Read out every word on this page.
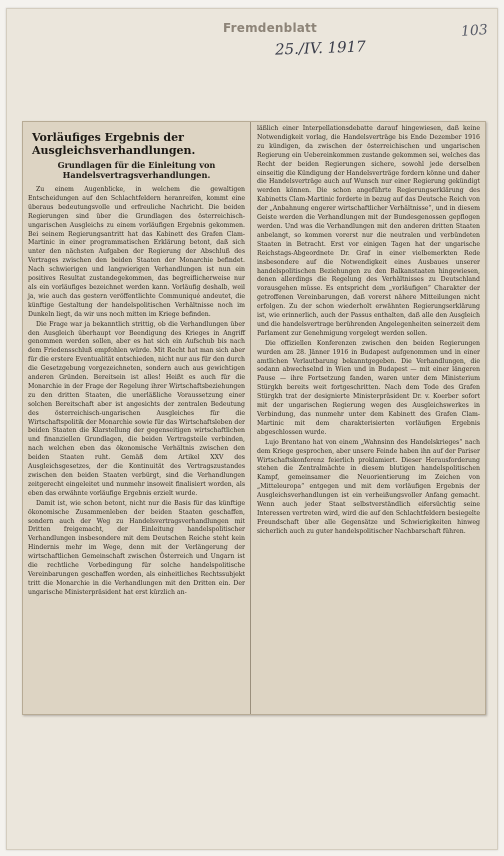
Fremdenblatt
25./IV. 1917
103
Vorläufiges Ergebnis der Ausgleichsverhandlungen.
Grundlagen für die Einleitung von Handelsvertragsverhandlungen.

Zu einem Augenblicke, in welchem die gewaltigen Entscheidungen auf den Schlachtfeldern heranreifen, kommt eine überaus bedeutungsvolle und erfreuliche Nachricht. Die beiden Regierungen sind über die Grundlagen des österreichisch-ungarischen Ausgleichs zu einem vorläufigen Ergebnis gekommen. Bei seinem Regierungsantritt hat das Kabinett des Grafen Clam-Martinic in einer programmatischen Erklärung betont, daß sich unter den nächsten Aufgaben der Regierung der Abschluß des Vertrages zwischen den beiden Staaten der Monarchie befindet. Nach schwierigen und langwierigen Verhandlungen ist nun ein positives Resultat zustandegekommen, das begreiflicherweise nur als ein vorläufiges bezeichnet werden kann. Vorläufig deshalb, weil ja, wie auch das gestern veröffentlichte Communiqué andeutet, die künftige Gestaltung der handelspolitischen Verhältnisse noch im Dunkeln liegt, da wir uns noch mitten im Kriege befinden.

Die Frage war ja bekanntlich strittig, ob die Verhandlungen über den Ausgleich überhaupt vor Beendigung des Krieges in Angriff genommen werden sollen, aber es hat sich ein Aufschub bis nach dem Friedensschluß empfohlen würde. Mit Recht hat man sich aber für die erstere Eventualität entschieden, nicht nur aus für den durch die Gesetzgebung vorgezeichneten, sondern auch aus gewichtigen anderen Gründen. Bereitsein ist alles! Heißt es auch für die Monarchie in der Frage der Regelung ihrer Wirtschaftsbeziehungen zu den dritten Staaten, die unerläßliche Voraussetzung einer solchen Bereitschaft aber ist angesichts der zentralen Bedeutung des österreichisch-ungarischen Ausgleiches für die Wirtschaftspolitik der Monarchie sowie für das Wirtschaftsleben der beiden Staaten die Klarstellung der gegenseitigen wirtschaftlichen und finanziellen Grundlagen, die beiden Vertragsteile verbinden, nach welchen eben das ökonomische Verhältnis zwischen den beiden Staaten ruht. Gemäß dem Artikel XXV des Ausgleichsgesetzes, der die Kontinuität des Vertragszustandes zwischen den beiden Staaten verbürgt, sind die Verhandlungen zeitgerecht eingeleitet und nunmehr insoweit finalisiert worden, als eben das erwähnte vorläufige Ergebnis erzielt wurde.

Damit ist, wie schon betont, nicht nur die Basis für das künftige ökonomische Zusammenleben der beiden Staaten geschaffen, sondern auch der Weg zu Handelsvertragsverhandlungen mit Dritten freigemacht, der Einleitung handelspolitischer Verhandlungen insbesondere mit dem Deutschen Reiche steht kein Hindernis mehr im Wege, denn mit der Verlängerung der wirtschaftlichen Gemeinschaft zwischen Österreich und Ungarn ist die rechtliche Vorbedingung für solche handelspolitische Vereinbarungen geschaffen worden, als einheitliches Rechtssubjekt tritt die Monarchie in die Verhandlungen mit den Dritten ein. Der ungarische Ministerpräsident hat erst kürzlich an-

läßlich einer Interpellationsdebatte darauf hingewiesen, daß keine Notwendigkeit vorlag, die Handelsverträge bis Ende Dezember 1916 zu kündigen, da zwischen der österreichischen und ungarischen Regierung ein Uebereinkommen zustande gekommen sei, welches das Recht der beiden Regierungen sichere, sowohl jede derselben einseitig die Kündigung der Handelsverträge fordern könne und daher die Handelsverträge auch auf Wunsch nur einer Regierung gekündigt werden können. Die schon angeführte Regierungserklärung des Kabinetts Clam-Martinic forderte in bezug auf das Deutsche Reich von der „Anbahnung engerer wirtschaftlicher Verhältnisse“, und in diesem Geiste werden die Verhandlungen mit der Bundesgenossen gepflogen werden. Und was die Verhandlungen mit den anderen dritten Staaten anbelangt, so kommen vorerst nur die neutralen und verbündeten Staaten in Betracht. Erst vor einigen Tagen hat der ungarische Reichstags-Abgeordnete Dr. Graf in einer vielbemerkten Rede insbesondere auf die Notwendigkeit eines Ausbaues unserer handelspolitischen Beziehungen zu den Balkanstaaten hingewiesen, denen allerdings die Regelung des Verhältnisses zu Deutschland vorausgehen müsse. Es entspricht dem „vorläufigen“ Charakter der getroffenen Vereinbarungen, daß vorerst nähere Mitteilungen nicht erfolgen. Zu der schon wiederholt erwähnten Regierungserklärung ist, wie erinnerlich, auch der Passus enthalten, daß alle den Ausgleich und die handelsvertrage berührenden Angelegenheiten seinerzeit dem Parlament zur Genehmigung vorgelegt werden sollen.

Die offiziellen Konferenzen zwischen den beiden Regierungen wurden am 28. Jänner 1916 in Budapest aufgenommen und in einer amtlichen Verlautbarung bekanntgegeben. Die Verhandlungen, die sodann abwechselnd in Wien und in Budapest — mit einer längeren Pause — ihre Fortsetzung fanden, waren unter dem Ministerium Stürgkh bereits weit fortgeschritten. Nach dem Tode des Grafen Stürgkh trat der designierte Ministerpräsident Dr. v. Koerber sofort mit der ungarischen Regierung wegen des Ausgleichswerkes in Verbindung, das nunmehr unter dem Kabinett des Grafen Clam-Martinic mit dem charakterisierten vorläufigen Ergebnis abgeschlossen wurde.

Lujo Brentano hat von einem „Wahnsinn des Handelskrieges“ nach dem Kriege gesprochen, aber unsere Feinde haben ihn auf der Pariser Wirtschaftskonferenz feierlich proklamiert. Dieser Herausforderung stehen die Zentralmächte in diesem blutigen handelspolitischen Kampf, gemeinsamer die Neuorientierung im Zeichen von „Mitteleuropa“ entgegen und mit dem vorläufigen Ergebnis der Ausgleichsverhandlungen ist ein verheißungsvoller Anfang gemacht. Wenn auch jeder Staat selbstverständlich eifersüchtig seine Interessen vertreten wird, wird die auf den Schlachtfeldern besiegelte Freundschaft über alle Gegensätze und Schwierigkeiten hinweg sicherlich auch zu guter handelspolitischer Nachbarschaft führen.
